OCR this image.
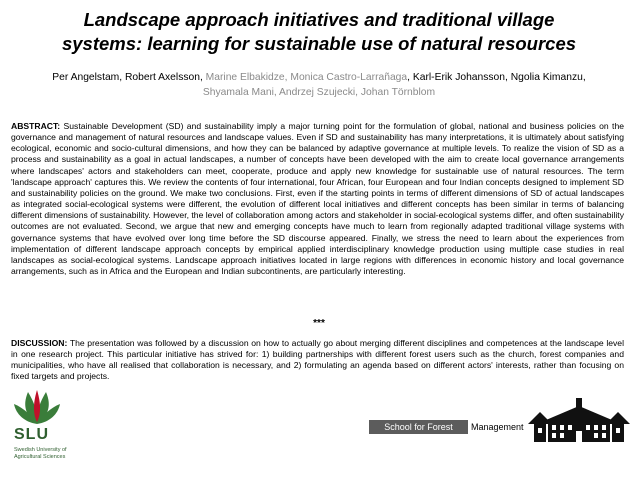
Landscape approach initiatives and traditional village
systems: learning for sustainable use of natural resources
Per Angelstam, Robert Axelsson, Marine Elbakidze, Monica Castro-Larrañaga, Karl-Erik Johansson, Ngolia Kimanzu,
Shyamala Mani, Andrzej Szujecki, Johan Törnblom
ABSTRACT: Sustainable Development (SD) and sustainability imply a major turning point for the formulation of global, national and business policies on the governance and management of natural resources and landscape values. Even if SD and sustainability has many interpretations, it is ultimately about satisfying ecological, economic and socio-cultural dimensions, and how they can be balanced by adaptive governance at multiple levels. To realize the vision of SD as a process and sustainability as a goal in actual landscapes, a number of concepts have been developed with the aim to create local governance arrangements where landscapes' actors and stakeholders can meet, cooperate, produce and apply new knowledge for sustainable use of natural resources. The term 'landscape approach' captures this. We review the contents of four international, four African, four European and four Indian concepts designed to implement SD and sustainability policies on the ground. We make two conclusions. First, even if the starting points in terms of different dimensions of SD of actual landscapes as integrated social-ecological systems were different, the evolution of different local initiatives and different concepts has been similar in terms of balancing different dimensions of sustainability. However, the level of collaboration among actors and stakeholder in social-ecological systems differ, and often sustainability outcomes are not evaluated. Second, we argue that new and emerging concepts have much to learn from regionally adapted traditional village systems with governance systems that have evolved over long time before the SD discourse appeared. Finally, we stress the need to learn about the experiences from implementation of different landscape approach concepts by empirical applied interdisciplinary knowledge production using multiple case studies in real landscapes as social-ecological systems. Landscape approach initiatives located in large regions with differences in economic history and local governance arrangements, such as in Africa and the European and Indian subcontinents, are particularly interesting.
***
DISCUSSION: The presentation was followed by a discussion on how to actually go about merging different disciplines and competences at the landscape level in one research project. This particular initiative has strived for: 1) building partnerships with different forest users such as the church, forest companies and municipalities, who have all realised that collaboration is necessary, and 2) formulating an agenda based on different actors' interests, rather than focusing on fixed targets and projects.
SLU
Swedish University of
Agricultural Sciences
School for Forest	Management
